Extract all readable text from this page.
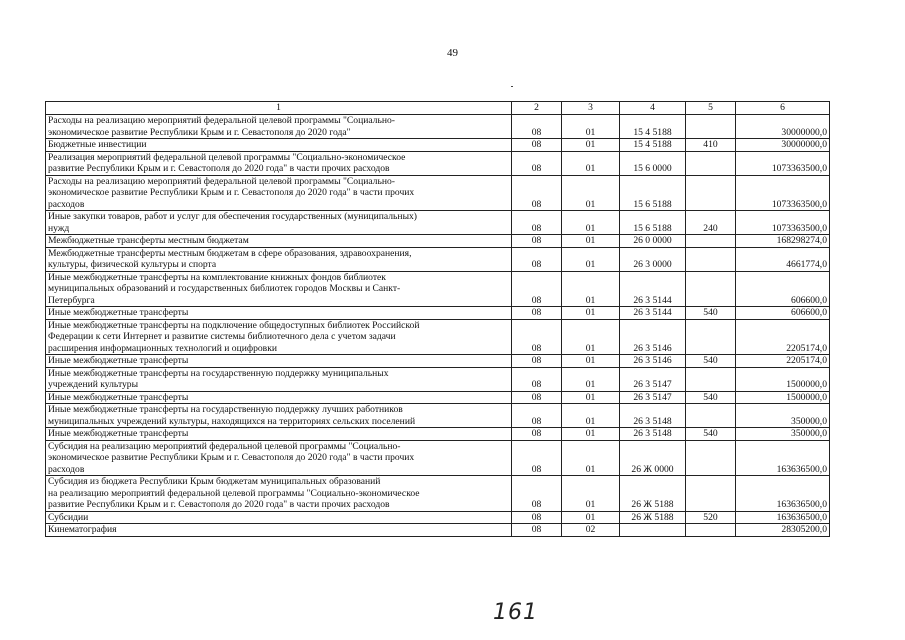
49
1	2	3	4	5	6
Расходы на реализацию мероприятий федеральной целевой программы "Социально-
экономическое развитие Республики Крым и г. Севастополя до 2020 года"	08	01	15 4 5188		30000000,0
Бюджетные инвестиции	08	01	15 4 5188	410	30000000,0
Реализация мероприятий федеральной целевой программы "Социально-экономическое
развитие Республики Крым и г. Севастополя до 2020 года" в части прочих расходов	08	01	15 6 0000		1073363500,0
Расходы на реализацию мероприятий федеральной целевой программы "Социально-
экономическое развитие Республики Крым и г. Севастополя до 2020 года" в части прочих
расходов	08	01	15 6 5188		1073363500,0
Иные закупки товаров, работ и услуг для обеспечения государственных (муниципальных)
нужд	08	01	15 6 5188	240	1073363500,0
Межбюджетные трансферты местным бюджетам	08	01	26 0 0000		168298274,0
Межбюджетные трансферты местным бюджетам в сфере образования, здравоохранения,
культуры, физической культуры и спорта	08	01	26 3 0000		4661774,0
Иные межбюджетные трансферты на комплектование книжных фондов библиотек
муниципальных образований и государственных библиотек городов Москвы и Санкт-
Петербурга	08	01	26 3 5144		606600,0
Иные межбюджетные трансферты	08	01	26 3 5144	540	606600,0
Иные межбюджетные трансферты на подключение общедоступных библиотек Российской
Федерации к сети Интернет и развитие системы библиотечного дела с учетом задачи
расширения информационных технологий и оцифровки	08	01	26 3 5146		2205174,0
Иные межбюджетные трансферты	08	01	26 3 5146	540	2205174,0
Иные межбюджетные трансферты на государственную поддержку муниципальных
учреждений культуры	08	01	26 3 5147		1500000,0
Иные межбюджетные трансферты	08	01	26 3 5147	540	1500000,0
Иные межбюджетные трансферты на государственную поддержку лучших работников
муниципальных учреждений культуры, находящихся на территориях сельских поселений	08	01	26 3 5148		350000,0
Иные межбюджетные трансферты	08	01	26 3 5148	540	350000,0
Субсидия на реализацию мероприятий федеральной целевой программы "Социально-
экономическое развитие Республики Крым и г. Севастополя до 2020 года" в части прочих
расходов	08	01	26 Ж 0000		163636500,0
Субсидия из бюджета Республики Крым бюджетам муниципальных образований
на реализацию мероприятий федеральной целевой программы "Социально-экономическое
развитие Республики Крым и г. Севастополя до 2020 года" в части прочих расходов	08	01	26 Ж 5188		163636500,0
Субсидии	08	01	26 Ж 5188	520	163636500,0
Кинематография	08	02			28305200,0
161
